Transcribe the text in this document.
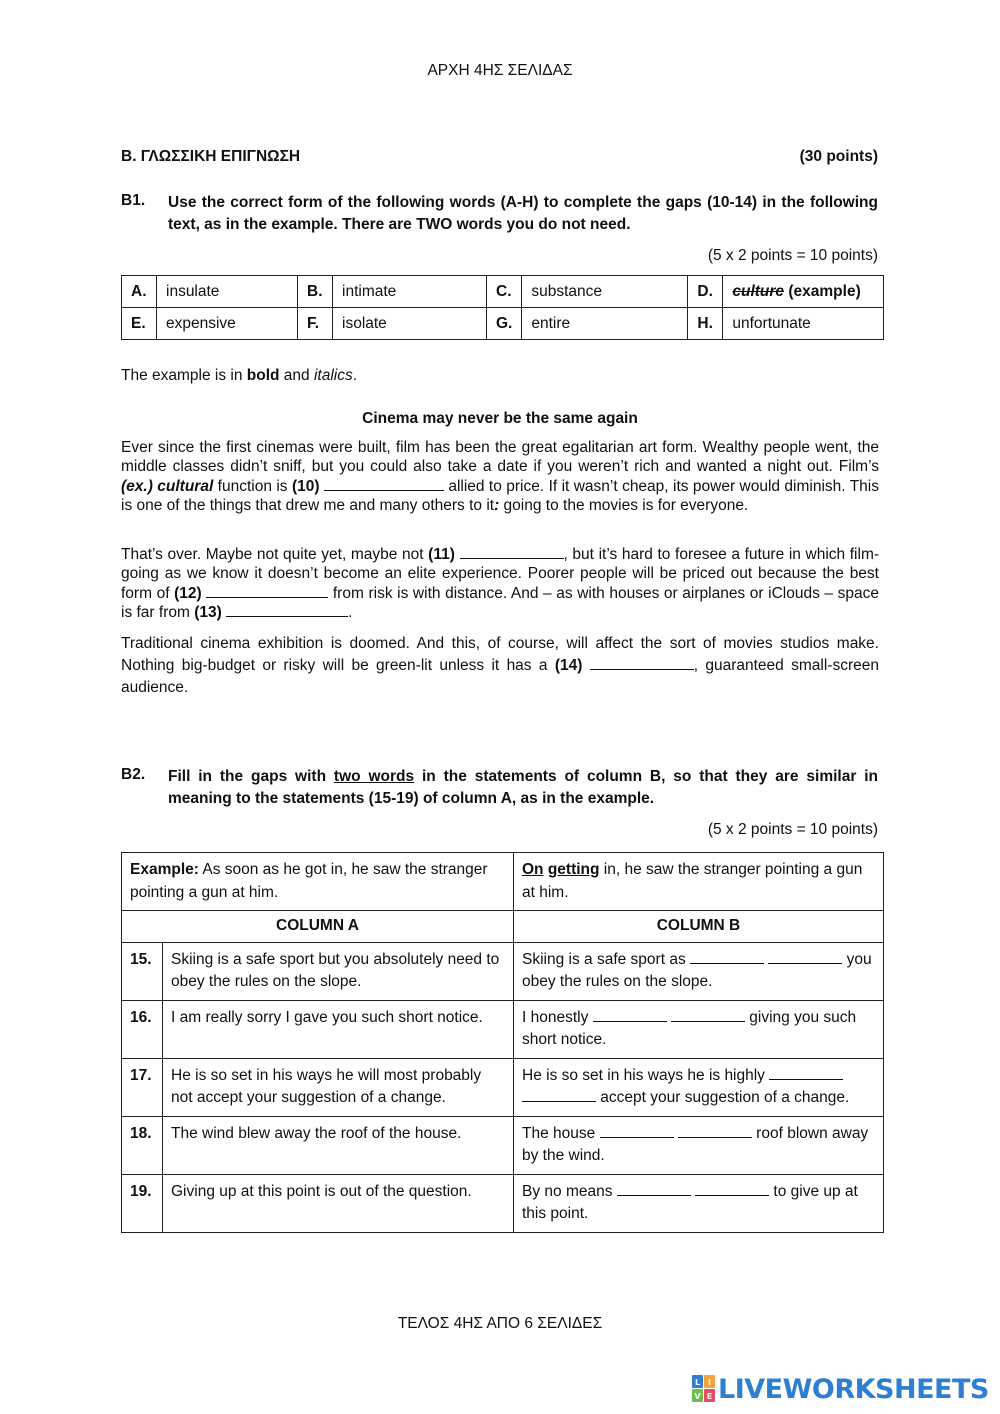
ΑΡΧΗ 4ΗΣ ΣΕΛΙΔΑΣ
B. ΓΛΩΣΣΙΚΗ ΕΠΙΓΝΩΣΗ	(30 points)
B1. Use the correct form of the following words (A-H) to complete the gaps (10-14) in the following text, as in the example. There are TWO words you do not need.
(5 x 2 points = 10 points)
A.	insulate	B.	intimate	C.	substance	D.	culture (example)
E.	expensive	F.	isolate	G.	entire	H.	unfortunate
The example is in bold and italics.
Cinema may never be the same again
Ever since the first cinemas were built, film has been the great egalitarian art form. Wealthy people went, the middle classes didn’t sniff, but you could also take a date if you weren’t rich and wanted a night out. Film’s (ex.) cultural function is (10)	allied to price. If it wasn’t cheap, its power would diminish. This is one of the things that drew me and many others to it: going to the movies is for everyone.
That’s over. Maybe not quite yet, maybe not (11)	, but it’s hard to foresee a future in which film-going as we know it doesn’t become an elite experience. Poorer people will be priced out because the best form of (12)	from risk is with distance. And – as with houses or airplanes or iClouds – space is far from (13)	.
Traditional cinema exhibition is doomed. And this, of course, will affect the sort of movies studios make. Nothing big-budget or risky will be green-lit unless it has a (14)	, guaranteed small-screen audience.
B2. Fill in the gaps with two words in the statements of column B, so that they are similar in meaning to the statements (15-19) of column A, as in the example.
(5 x 2 points = 10 points)
Example: As soon as he got in, he saw the stranger pointing a gun at him.		On getting in, he saw the stranger pointing a gun at him.
COLUMN A		COLUMN B
15.	Skiing is a safe sport but you absolutely need to obey the rules on the slope.	Skiing is a safe sport as you obey the rules on the slope.
16.	I am really sorry I gave you such short notice.	I honestly giving you such short notice.
17.	He is so set in his ways he will most probably not accept your suggestion of a change.	He is so set in his ways he is highly   accept your suggestion of a change.
18.	The wind blew away the roof of the house.	The house roof blown away by the wind.
19.	Giving up at this point is out of the question.	By no means to give up at this point.
ΤΕΛΟΣ 4ΗΣ ΑΠΟ 6 ΣΕΛΙΔΕΣ
L I
V E LIVEWORKSHEETS
